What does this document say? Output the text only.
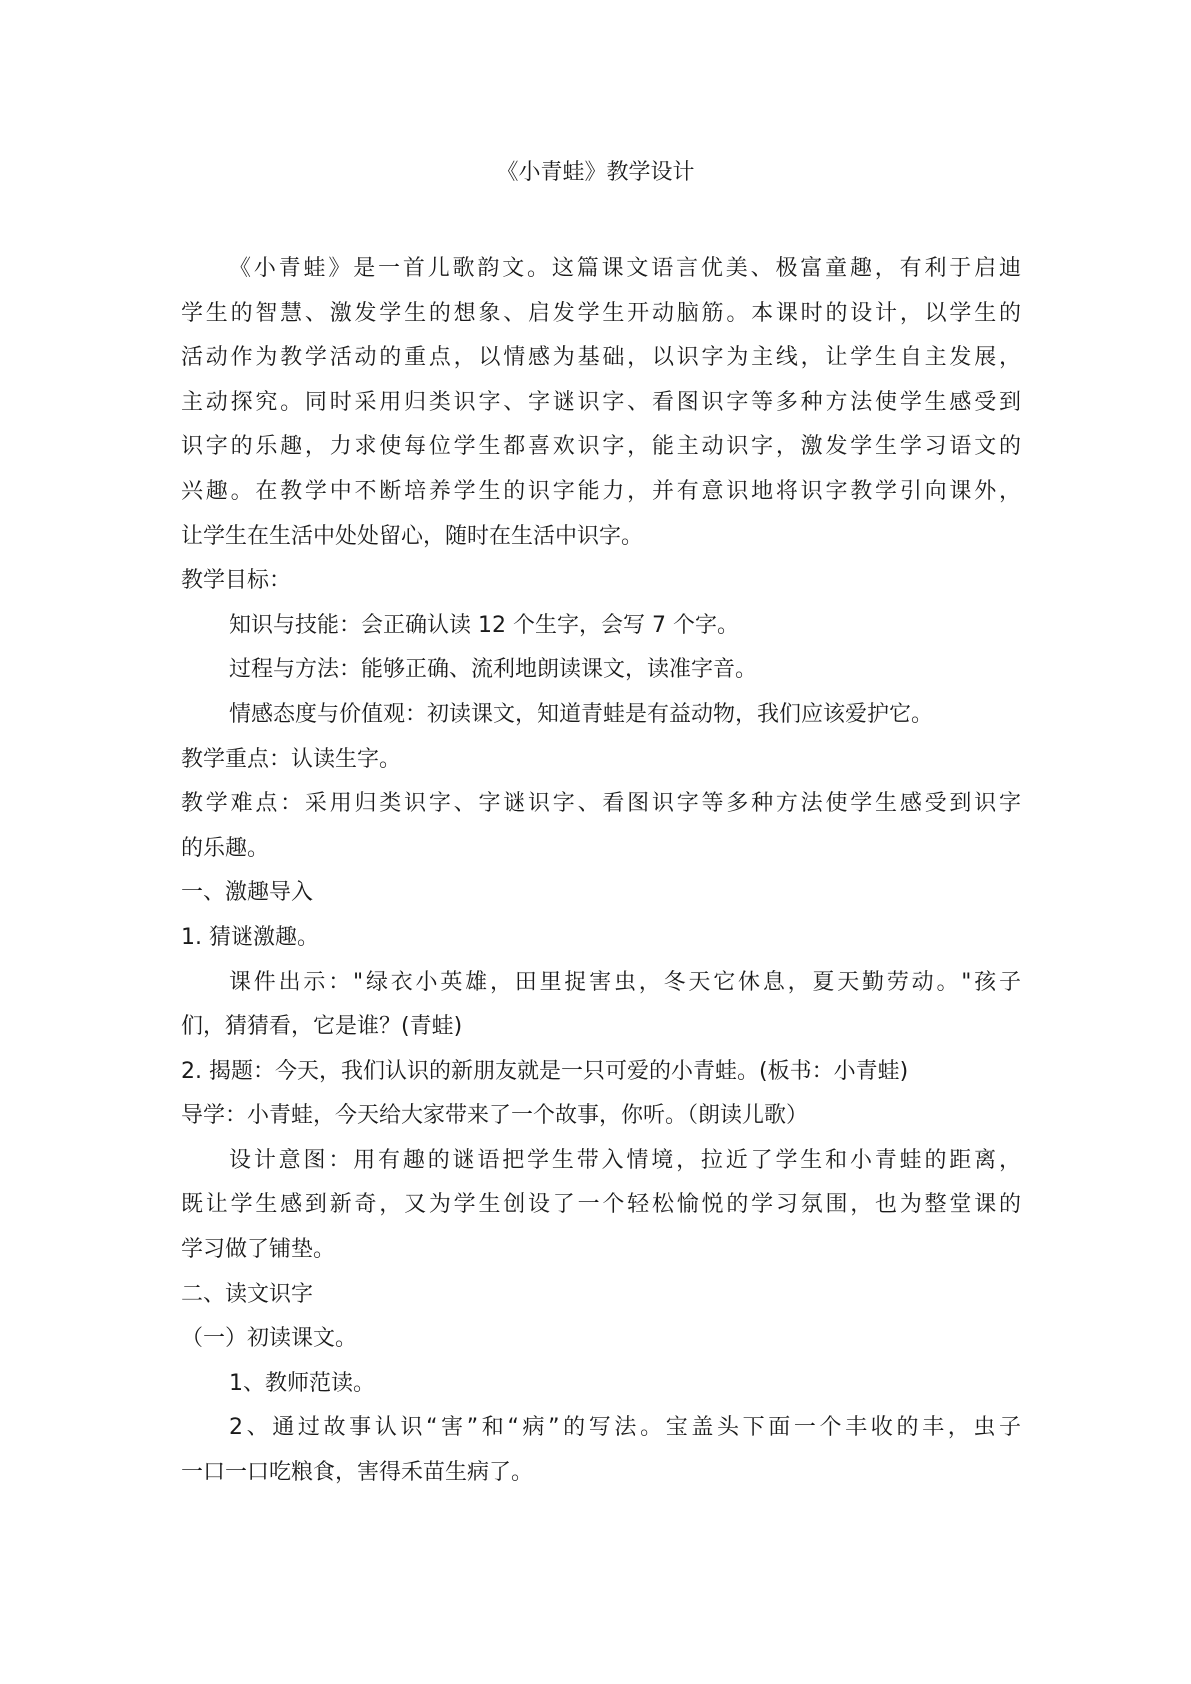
《小青蛙》教学设计

《小青蛙》是一首儿歌韵文。这篇课文语言优美、极富童趣，有利于启迪

学生的智慧、激发学生的想象、启发学生开动脑筋。本课时的设计，以学生的

活动作为教学活动的重点，以情感为基础，以识字为主线，让学生自主发展，

主动探究。同时采用归类识字、字谜识字、看图识字等多种方法使学生感受到

识字的乐趣，力求使每位学生都喜欢识字，能主动识字，激发学生学习语文的

兴趣。在教学中不断培养学生的识字能力，并有意识地将识字教学引向课外，

让学生在生活中处处留心，随时在生活中识字。

教学目标：

知识与技能：会正确认读 12 个生字，会写 7 个字。

过程与方法：能够正确、流利地朗读课文，读准字音。

情感态度与价值观：初读课文，知道青蛙是有益动物，我们应该爱护它。

教学重点：认读生字。

教学难点：采用归类识字、字谜识字、看图识字等多种方法使学生感受到识字

的乐趣。

一、激趣导入

1. 猜谜激趣。

课件出示："绿衣小英雄，田里捉害虫，冬天它休息，夏天勤劳动。"孩子

们，猜猜看，它是谁？(青蛙)

2. 揭题：今天，我们认识的新朋友就是一只可爱的小青蛙。(板书：小青蛙)

导学：小青蛙，今天给大家带来了一个故事，你听。（朗读儿歌）

设计意图：用有趣的谜语把学生带入情境，拉近了学生和小青蛙的距离，

既让学生感到新奇，又为学生创设了一个轻松愉悦的学习氛围，也为整堂课的

学习做了铺垫。

二、读文识字

（一）初读课文。

1、教师范读。

2、通过故事认识“害”和“病”的写法。宝盖头下面一个丰收的丰，虫子

一口一口吃粮食，害得禾苗生病了。
